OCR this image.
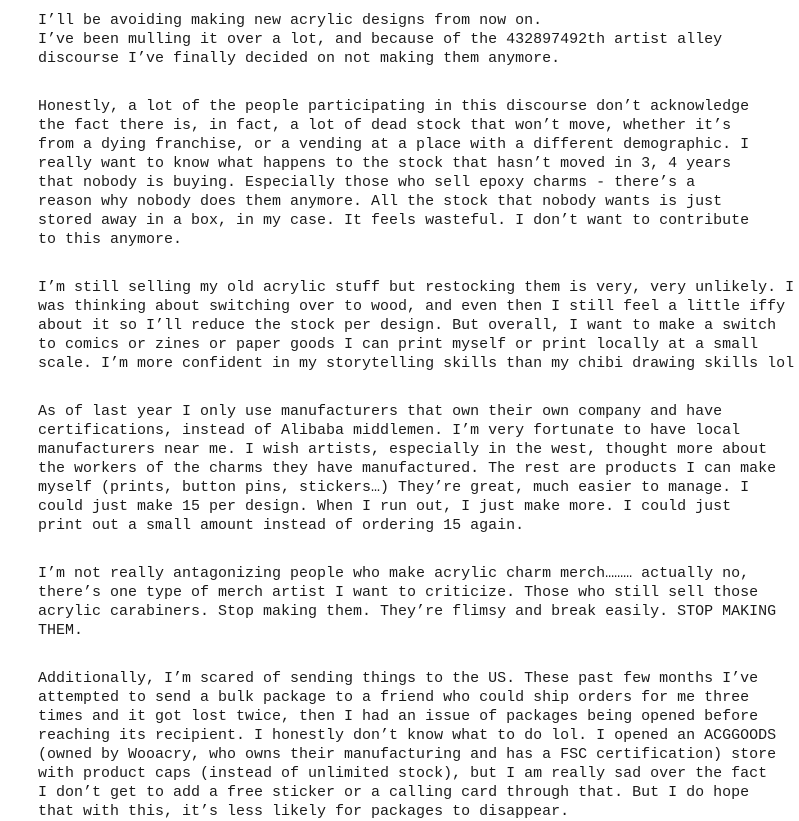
I’ll be avoiding making new acrylic designs from now on.
I’ve been mulling it over a lot, and because of the 432897492th artist alley
discourse I’ve finally decided on not making them anymore.
Honestly, a lot of the people participating in this discourse don’t acknowledge
the fact there is, in fact, a lot of dead stock that won’t move, whether it’s
from a dying franchise, or a vending at a place with a different demographic. I
really want to know what happens to the stock that hasn’t moved in 3, 4 years
that nobody is buying. Especially those who sell epoxy charms - there’s a
reason why nobody does them anymore. All the stock that nobody wants is just
stored away in a box, in my case. It feels wasteful. I don’t want to contribute
to this anymore.
I’m still selling my old acrylic stuff but restocking them is very, very unlikely. I
was thinking about switching over to wood, and even then I still feel a little iffy
about it so I’ll reduce the stock per design. But overall, I want to make a switch
to comics or zines or paper goods I can print myself or print locally at a small
scale. I’m more confident in my storytelling skills than my chibi drawing skills lol
As of last year I only use manufacturers that own their own company and have
certifications, instead of Alibaba middlemen. I’m very fortunate to have local
manufacturers near me. I wish artists, especially in the west, thought more about
the workers of the charms they have manufactured. The rest are products I can make
myself (prints, button pins, stickers…) They’re great, much easier to manage. I
could just make 15 per design. When I run out, I just make more. I could just
print out a small amount instead of ordering 15 again.
I’m not really antagonizing people who make acrylic charm merch……… actually no,
there’s one type of merch artist I want to criticize. Those who still sell those
acrylic carabiners. Stop making them. They’re flimsy and break easily. STOP MAKING
THEM.
Additionally, I’m scared of sending things to the US. These past few months I’ve
attempted to send a bulk package to a friend who could ship orders for me three
times and it got lost twice, then I had an issue of packages being opened before
reaching its recipient. I honestly don’t know what to do lol. I opened an ACGGOODS
(owned by Wooacry, who owns their manufacturing and has a FSC certification) store
with product caps (instead of unlimited stock), but I am really sad over the fact
I don’t get to add a free sticker or a calling card through that. But I do hope
that with this, it’s less likely for packages to disappear.
